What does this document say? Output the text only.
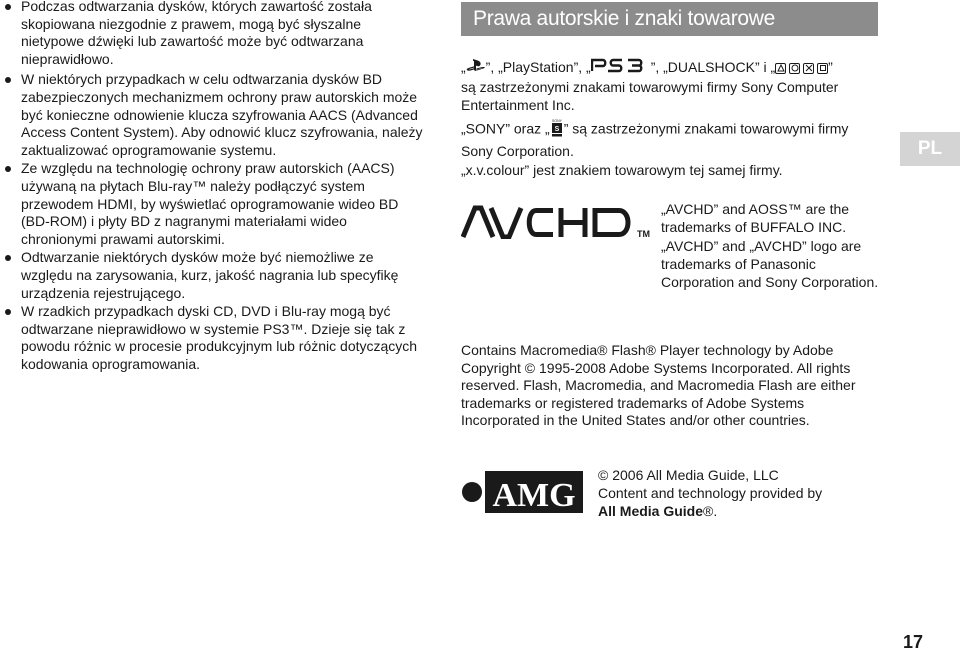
Podczas odtwarzania dysków, których zawartość została skopiowana niezgodnie z prawem, mogą być słyszalne nietypowe dźwięki lub zawartość może być odtwarzana nieprawidłowo.
W niektórych przypadkach w celu odtwarzania dysków BD zabezpieczonych mechanizmem ochrony praw autorskich może być konieczne odnowienie klucza szyfrowania AACS (Advanced Access Content System). Aby odnowić klucz szyfrowania, należy zaktualizować oprogramowanie systemu.
Ze względu na technologię ochrony praw autorskich (AACS) używaną na płytach Blu-ray™ należy podłączyć system przewodem HDMI, by wyświetlać oprogramowanie wideo BD (BD-ROM) i płyty BD z nagranymi materiałami wideo chronionymi prawami autorskimi.
Odtwarzanie niektórych dysków może być niemożliwe ze względu na zarysowania, kurz, jakość nagrania lub specyfikę urządzenia rejestrującego.
W rzadkich przypadkach dyski CD, DVD i Blu-ray mogą być odtwarzane nieprawidłowo w systemie PS3™. Dzieje się tak z powodu różnic w procesie produkcyjnym lub różnic dotyczących kodowania oprogramowania.
Prawa autorskie i znaki towarowe
PL

„ ”, „PlayStation”, „	”, „DUALSHOCK” i „	”
są zastrzeżonymi znakami towarowymi firmy Sony Computer Entertainment Inc.

„SONY” oraz „ SONY
S ” są zastrzeżonymi znakami towarowymi firmy Sony Corporation.

„x.v.colour” jest znakiem towarowym tej samej firmy.

TM

„AVCHD” and AOSS™ are the trademarks of BUFFALO INC.

„AVCHD” and „AVCHD” logo are trademarks of Panasonic Corporation and Sony Corporation.

Contains Macromedia® Flash® Player technology by Adobe Copyright © 1995-2008 Adobe Systems Incorporated. All rights reserved. Flash, Macromedia, and Macromedia Flash are either trademarks or registered trademarks of Adobe Systems Incorporated in the United States and/or other countries.
AMG
© 2006 All Media Guide, LLC
Content and technology provided by
All Media Guide®.
17
